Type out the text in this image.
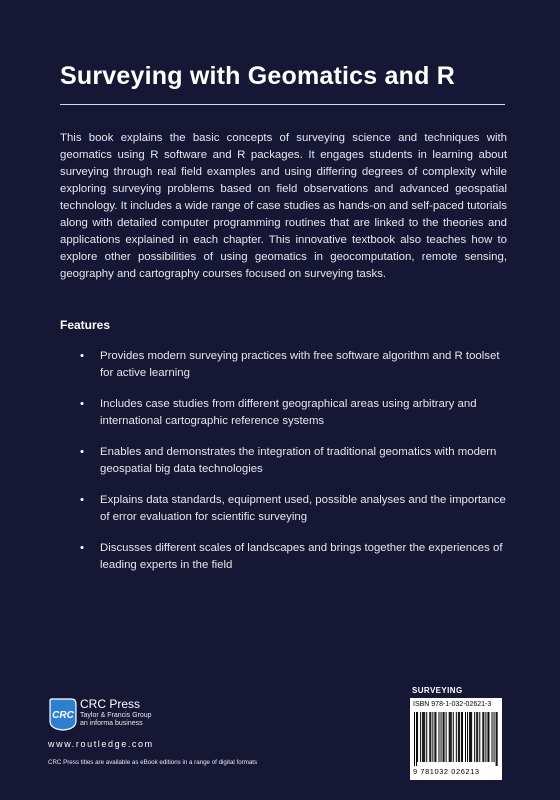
Surveying with Geomatics and R
This book explains the basic concepts of surveying science and techniques with geomatics using R software and R packages. It engages students in learning about surveying through real field examples and using differing degrees of complexity while exploring surveying problems based on field observations and advanced geospatial technology. It includes a wide range of case studies as hands-on and self-paced tutorials along with detailed computer programming routines that are linked to the theories and applications explained in each chapter. This innovative textbook also teaches how to explore other possibilities of using geomatics in geocomputation, remote sensing, geography and cartography courses focused on surveying tasks.
Features
• Provides modern surveying practices with free software algorithm and R toolset for active learning
• Includes case studies from different geographical areas using arbitrary and international cartographic reference systems
• Enables and demonstrates the integration of traditional geomatics with modern geospatial big data technologies
• Explains data standards, equipment used, possible analyses and the importance of error evaluation for scientific surveying
• Discusses different scales of landscapes and brings together the experiences of leading experts in the field
CRC
CRC Press
Taylor & Francis Group
an informa business
www.routledge.com
CRC Press titles are available as eBook editions in a range of digital formats
SURVEYING
ISBN 978-1-032-02621-3
9 781032 026213
